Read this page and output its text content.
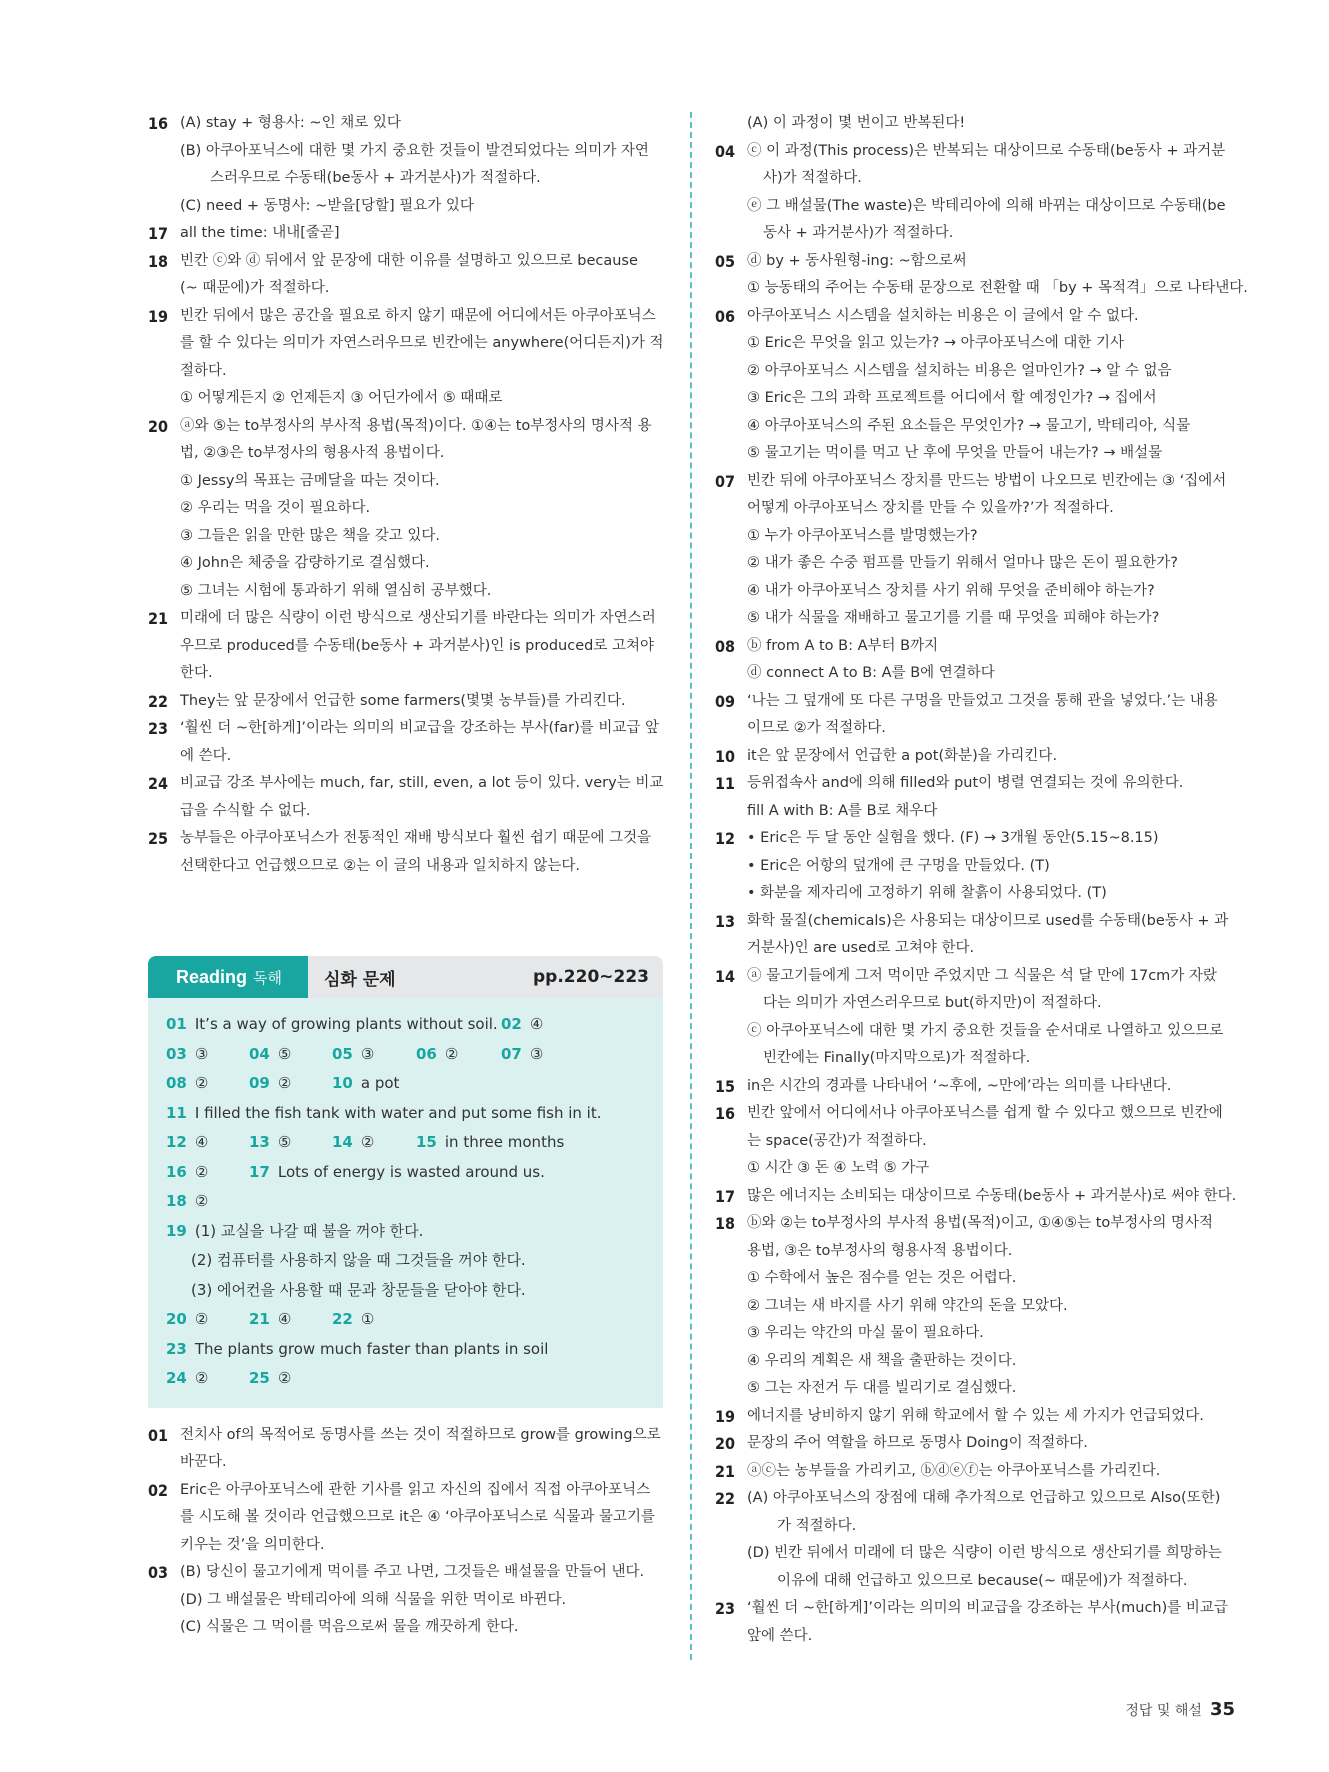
16 (A) stay + 형용사: ~인 채로 있다
(B) 아쿠아포닉스에 대한 몇 가지 중요한 것들이 발견되었다는 의미가 자연
스러우므로 수동태(be동사 + 과거분사)가 적절하다.
(C) need + 동명사: ~받을[당할] 필요가 있다
17 all the time: 내내[줄곧]
18 빈칸 ⓒ와 ⓓ 뒤에서 앞 문장에 대한 이유를 설명하고 있으므로 because
(~ 때문에)가 적절하다.
19 빈칸 뒤에서 많은 공간을 필요로 하지 않기 때문에 어디에서든 아쿠아포닉스
를 할 수 있다는 의미가 자연스러우므로 빈칸에는 anywhere(어디든지)가 적
절하다.
① 어떻게든지 ② 언제든지 ③ 어딘가에서 ⑤ 때때로
20 ⓐ와 ⑤는 to부정사의 부사적 용법(목적)이다. ①④는 to부정사의 명사적 용
법, ②③은 to부정사의 형용사적 용법이다.
① Jessy의 목표는 금메달을 따는 것이다.
② 우리는 먹을 것이 필요하다.
③ 그들은 읽을 만한 많은 책을 갖고 있다.
④ John은 체중을 감량하기로 결심했다.
⑤ 그녀는 시험에 통과하기 위해 열심히 공부했다.
21 미래에 더 많은 식량이 이런 방식으로 생산되기를 바란다는 의미가 자연스러
우므로 produced를 수동태(be동사 + 과거분사)인 is produced로 고쳐야
한다.
22 They는 앞 문장에서 언급한 some farmers(몇몇 농부들)를 가리킨다.
23 ‘훨씬 더 ~한[하게]’이라는 의미의 비교급을 강조하는 부사(far)를 비교급 앞
에 쓴다.
24 비교급 강조 부사에는 much, far, still, even, a lot 등이 있다. very는 비교
급을 수식할 수 없다.
25 농부들은 아쿠아포닉스가 전통적인 재배 방식보다 훨씬 쉽기 때문에 그것을
선택한다고 언급했으므로 ②는 이 글의 내용과 일치하지 않는다.
Reading 독해	심화 문제	pp.220~223
01 It’s a way of growing plants without soil. 02 ④
03 ③	04 ⑤	05 ③	06 ②	07 ③
08 ②	09 ②	10 a pot
11 I filled the fish tank with water and put some fish in it.
12 ④	13 ⑤	14 ②	15 in three months
16 ②	17 Lots of energy is wasted around us.
18 ②
19 (1) 교실을 나갈 때 불을 꺼야 한다.
(2) 컴퓨터를 사용하지 않을 때 그것들을 꺼야 한다.
(3) 에어컨을 사용할 때 문과 창문들을 닫아야 한다.
20 ②	21 ④	22 ①
23 The plants grow much faster than plants in soil
24 ②	25 ②
01 전치사 of의 목적어로 동명사를 쓰는 것이 적절하므로 grow를 growing으로
바꾼다.
02 Eric은 아쿠아포닉스에 관한 기사를 읽고 자신의 집에서 직접 아쿠아포닉스
를 시도해 볼 것이라 언급했으므로 it은 ④ ‘아쿠아포닉스로 식물과 물고기를
키우는 것’을 의미한다.
03 (B) 당신이 물고기에게 먹이를 주고 나면, 그것들은 배설물을 만들어 낸다.
(D) 그 배설물은 박테리아에 의해 식물을 위한 먹이로 바뀐다.
(C) 식물은 그 먹이를 먹음으로써 물을 깨끗하게 한다.
(A) 이 과정이 몇 번이고 반복된다!
04 ⓒ 이 과정(This process)은 반복되는 대상이므로 수동태(be동사 + 과거분
사)가 적절하다.
ⓔ 그 배설물(The waste)은 박테리아에 의해 바뀌는 대상이므로 수동태(be
동사 + 과거분사)가 적절하다.
05 ⓓ by + 동사원형-ing: ~함으로써
① 능동태의 주어는 수동태 문장으로 전환할 때 「by + 목적격」으로 나타낸다.
06 아쿠아포닉스 시스템을 설치하는 비용은 이 글에서 알 수 없다.
① Eric은 무엇을 읽고 있는가? → 아쿠아포닉스에 대한 기사
② 아쿠아포닉스 시스템을 설치하는 비용은 얼마인가? → 알 수 없음
③ Eric은 그의 과학 프로젝트를 어디에서 할 예정인가? → 집에서
④ 아쿠아포닉스의 주된 요소들은 무엇인가? → 물고기, 박테리아, 식물
⑤ 물고기는 먹이를 먹고 난 후에 무엇을 만들어 내는가? → 배설물
07 빈칸 뒤에 아쿠아포닉스 장치를 만드는 방법이 나오므로 빈칸에는 ③ ‘집에서
어떻게 아쿠아포닉스 장치를 만들 수 있을까?’가 적절하다.
① 누가 아쿠아포닉스를 발명했는가?
② 내가 좋은 수중 펌프를 만들기 위해서 얼마나 많은 돈이 필요한가?
④ 내가 아쿠아포닉스 장치를 사기 위해 무엇을 준비해야 하는가?
⑤ 내가 식물을 재배하고 물고기를 기를 때 무엇을 피해야 하는가?
08 ⓑ from A to B: A부터 B까지
ⓓ connect A to B: A를 B에 연결하다
09 ‘나는 그 덮개에 또 다른 구멍을 만들었고 그것을 통해 관을 넣었다.’는 내용
이므로 ②가 적절하다.
10 it은 앞 문장에서 언급한 a pot(화분)을 가리킨다.
11 등위접속사 and에 의해 filled와 put이 병렬 연결되는 것에 유의한다.
fill A with B: A를 B로 채우다
12 • Eric은 두 달 동안 실험을 했다. (F) → 3개월 동안(5.15~8.15)
• Eric은 어항의 덮개에 큰 구멍을 만들었다. (T)
• 화분을 제자리에 고정하기 위해 찰흙이 사용되었다. (T)
13 화학 물질(chemicals)은 사용되는 대상이므로 used를 수동태(be동사 + 과
거분사)인 are used로 고쳐야 한다.
14 ⓐ 물고기들에게 그저 먹이만 주었지만 그 식물은 석 달 만에 17cm가 자랐
다는 의미가 자연스러우므로 but(하지만)이 적절하다.
ⓒ 아쿠아포닉스에 대한 몇 가지 중요한 것들을 순서대로 나열하고 있으므로
빈칸에는 Finally(마지막으로)가 적절하다.
15 in은 시간의 경과를 나타내어 ‘~후에, ~만에’라는 의미를 나타낸다.
16 빈칸 앞에서 어디에서나 아쿠아포닉스를 쉽게 할 수 있다고 했으므로 빈칸에
는 space(공간)가 적절하다.
① 시간 ③ 돈 ④ 노력 ⑤ 가구
17 많은 에너지는 소비되는 대상이므로 수동태(be동사 + 과거분사)로 써야 한다.
18 ⓑ와 ②는 to부정사의 부사적 용법(목적)이고, ①④⑤는 to부정사의 명사적
용법, ③은 to부정사의 형용사적 용법이다.
① 수학에서 높은 점수를 얻는 것은 어렵다.
② 그녀는 새 바지를 사기 위해 약간의 돈을 모았다.
③ 우리는 약간의 마실 물이 필요하다.
④ 우리의 계획은 새 책을 출판하는 것이다.
⑤ 그는 자전거 두 대를 빌리기로 결심했다.
19 에너지를 낭비하지 않기 위해 학교에서 할 수 있는 세 가지가 언급되었다.
20 문장의 주어 역할을 하므로 동명사 Doing이 적절하다.
21 ⓐⓒ는 농부들을 가리키고, ⓑⓓⓔⓕ는 아쿠아포닉스를 가리킨다.
22 (A) 아쿠아포닉스의 장점에 대해 추가적으로 언급하고 있으므로 Also(또한)
가 적절하다.
(D) 빈칸 뒤에서 미래에 더 많은 식량이 이런 방식으로 생산되기를 희망하는
이유에 대해 언급하고 있으므로 because(~ 때문에)가 적절하다.
23 ‘훨씬 더 ~한[하게]’이라는 의미의 비교급을 강조하는 부사(much)를 비교급
앞에 쓴다.
정답 및 해설 35
